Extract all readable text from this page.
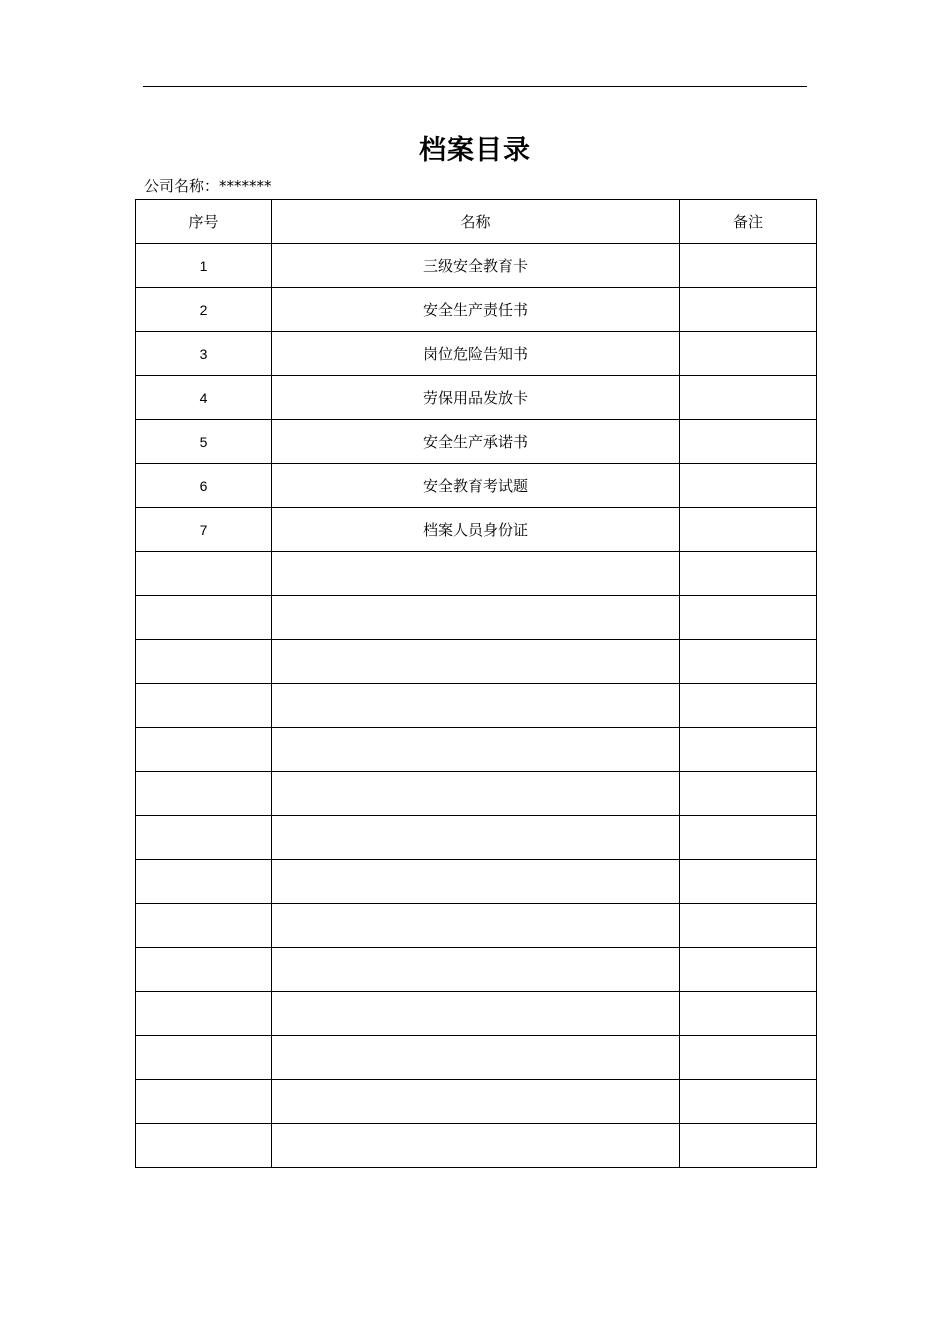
档案目录
公司名称：*******
序号	名称	备注
1	三级安全教育卡	
2	安全生产责任书	
3	岗位危险告知书	
4	劳保用品发放卡	
5	安全生产承诺书	
6	安全教育考试题	
7	档案人员身份证	
